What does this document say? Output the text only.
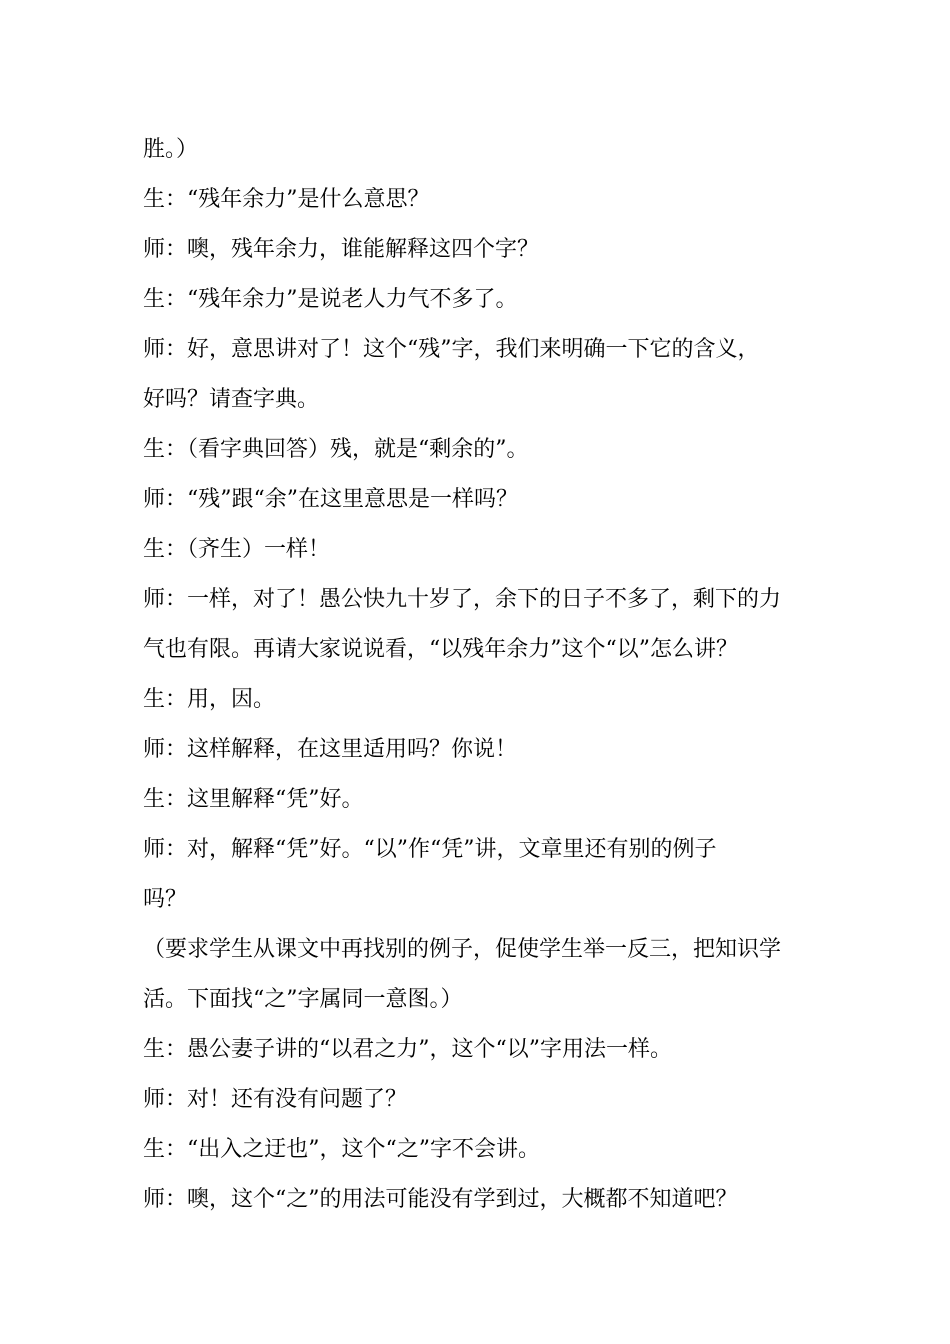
胜。）
生：“残年余力”是什么意思？
师：噢，残年余力，谁能解释这四个字？
生：“残年余力”是说老人力气不多了。
师：好，意思讲对了！这个“残”字，我们来明确一下它的含义，
好吗？请查字典。
生：（看字典回答）残，就是“剩余的”。
师：“残”跟“余”在这里意思是一样吗？
生：（齐生）一样！
师：一样，对了！愚公快九十岁了，余下的日子不多了，剩下的力
气也有限。再请大家说说看，“以残年余力”这个“以”怎么讲？
生：用，因。
师：这样解释，在这里适用吗？你说！
生：这里解释“凭”好。
师：对，解释“凭”好。“以”作“凭”讲，文章里还有别的例子
吗？
（要求学生从课文中再找别的例子，促使学生举一反三，把知识学
活。下面找“之”字属同一意图。）
生：愚公妻子讲的“以君之力”，这个“以”字用法一样。
师：对！还有没有问题了？
生：“出入之迂也”，这个“之”字不会讲。
师：噢，这个“之”的用法可能没有学到过，大概都不知道吧？
